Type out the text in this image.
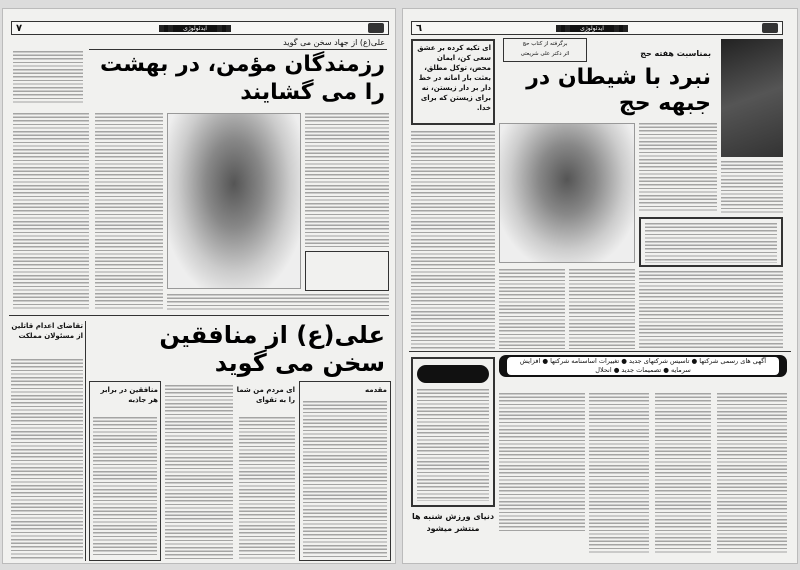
٧	ایدئولوژی
علی(ع) از جهاد سخن می گوید
رزمندگان مؤمن، در بهشت را می گشایند
تقاضای اعدام قاتلین از مسئولان مملکت	علی(ع) از منافقین سخن می گوید
مقدمه
ای مردم من شما را به تقوای
منافقین در برابر هر جاذبه
٦	ایدئولوژی
ای تکیه کرده بر عشق سعی کن، ایمان محض، توکل مطلق، بعثت بار امانه در خط دار بر دار زیستن، نه برای زیستن که برای خدا.
برگرفته از کتاب حج
اثر دکتر علی شریعتی	بمناسبت هفته حج
نبرد با شیطان در جبهه حج
آگهی های رسمی شرکتها ● تاسیس شرکتهای جدید ● تغییرات اساسنامه شرکتها ● افزایش سرمایه ● تصمیمات جدید ● انحلال
دنیای ورزش شنبه ها
منتشر میشود
